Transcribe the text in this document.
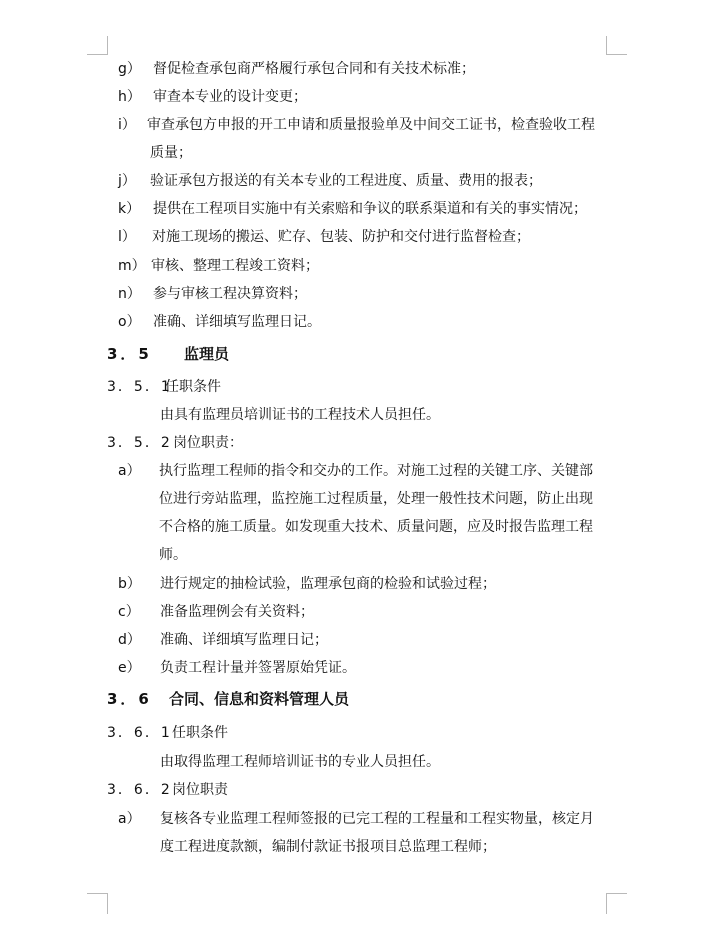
g） 督促检查承包商严格履行承包合同和有关技术标准；
h） 审查本专业的设计变更；
i） 审查承包方申报的开工申请和质量报验单及中间交工证书，检查验收工程
质量；
j） 验证承包方报送的有关本专业的工程进度、质量、费用的报表；
k） 提供在工程项目实施中有关索赔和争议的联系渠道和有关的事实情况；
l） 对施工现场的搬运、贮存、包装、防护和交付进行监督检查；
m） 审核、整理工程竣工资料；
n） 参与审核工程决算资料；
o） 准确、详细填写监理日记。
3．5 监理员
3．5．1
任职条件
由具有监理员培训证书的工程技术人员担任。
3．5．2 岗位职责：
a） 执行监理工程师的指令和交办的工作。对施工过程的关键工序、关键部
位进行旁站监理，监控施工过程质量，处理一般性技术问题，防止出现
不合格的施工质量。如发现重大技术、质量问题，应及时报告监理工程
师。
b） 进行规定的抽检试验，监理承包商的检验和试验过程；
c） 准备监理例会有关资料；
d） 准确、详细填写监理日记；
e） 负责工程计量并签署原始凭证。
3．6 合同、信息和资料管理人员
3．6．1 任职条件
由取得监理工程师培训证书的专业人员担任。
3．6．2 岗位职责
a） 复核各专业监理工程师签报的已完工程的工程量和工程实物量，核定月
度工程进度款额，编制付款证书报项目总监理工程师；
